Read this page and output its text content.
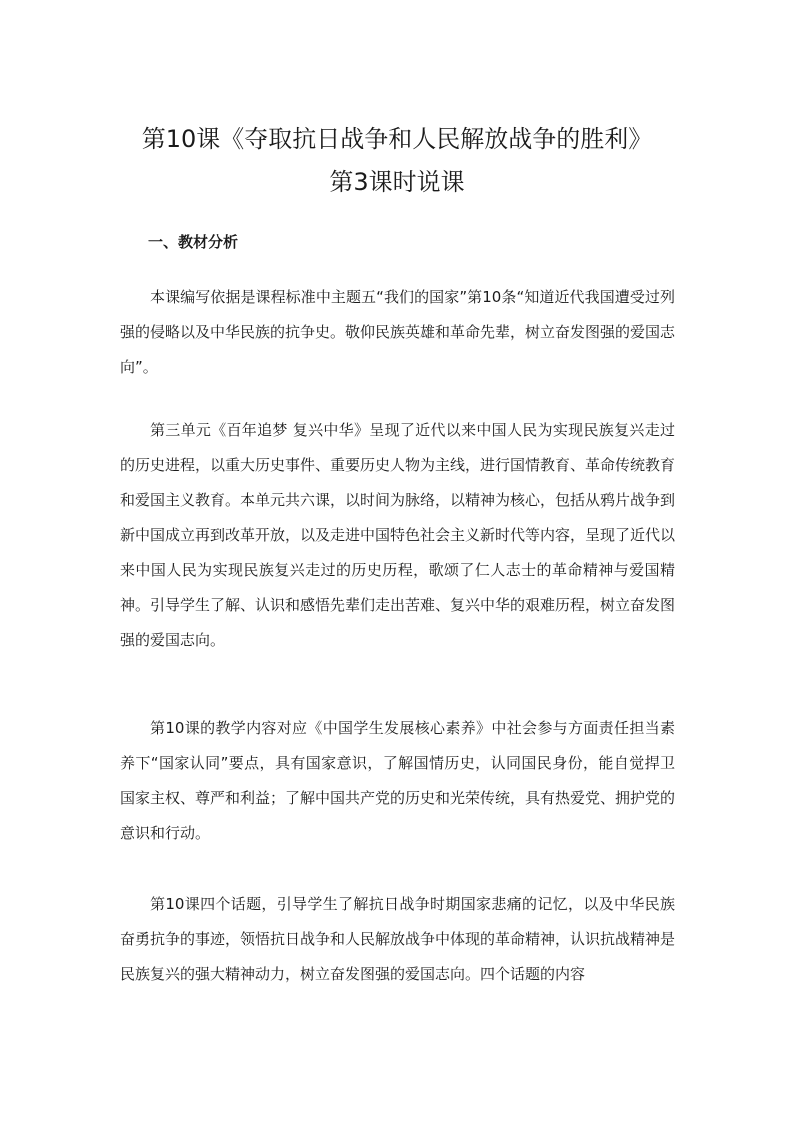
第10课《夺取抗日战争和人民解放战争的胜利》
第3课时说课
一、教材分析

本课编写依据是课程标准中主题五“我们的国家”第10条“知道近代我国遭受过列强的侵略以及中华民族的抗争史。敬仰民族英雄和革命先辈，树立奋发图强的爱国志向”。

第三单元《百年追梦 复兴中华》呈现了近代以来中国人民为实现民族复兴走过的历史进程，以重大历史事件、重要历史人物为主线，进行国情教育、革命传统教育和爱国主义教育。本单元共六课，以时间为脉络，以精神为核心，包括从鸦片战争到新中国成立再到改革开放，以及走进中国特色社会主义新时代等内容，呈现了近代以来中国人民为实现民族复兴走过的历史历程，歌颂了仁人志士的革命精神与爱国精神。引导学生了解、认识和感悟先辈们走出苦难、复兴中华的艰难历程，树立奋发图强的爱国志向。

第10课的教学内容对应《中国学生发展核心素养》中社会参与方面责任担当素养下“国家认同”要点，具有国家意识，了解国情历史，认同国民身份，能自觉捍卫国家主权、尊严和利益；了解中国共产党的历史和光荣传统，具有热爱党、拥护党的意识和行动。

第10课四个话题，引导学生了解抗日战争时期国家悲痛的记忆，以及中华民族奋勇抗争的事迹，领悟抗日战争和人民解放战争中体现的革命精神，认识抗战精神是民族复兴的强大精神动力，树立奋发图强的爱国志向。四个话题的内容
